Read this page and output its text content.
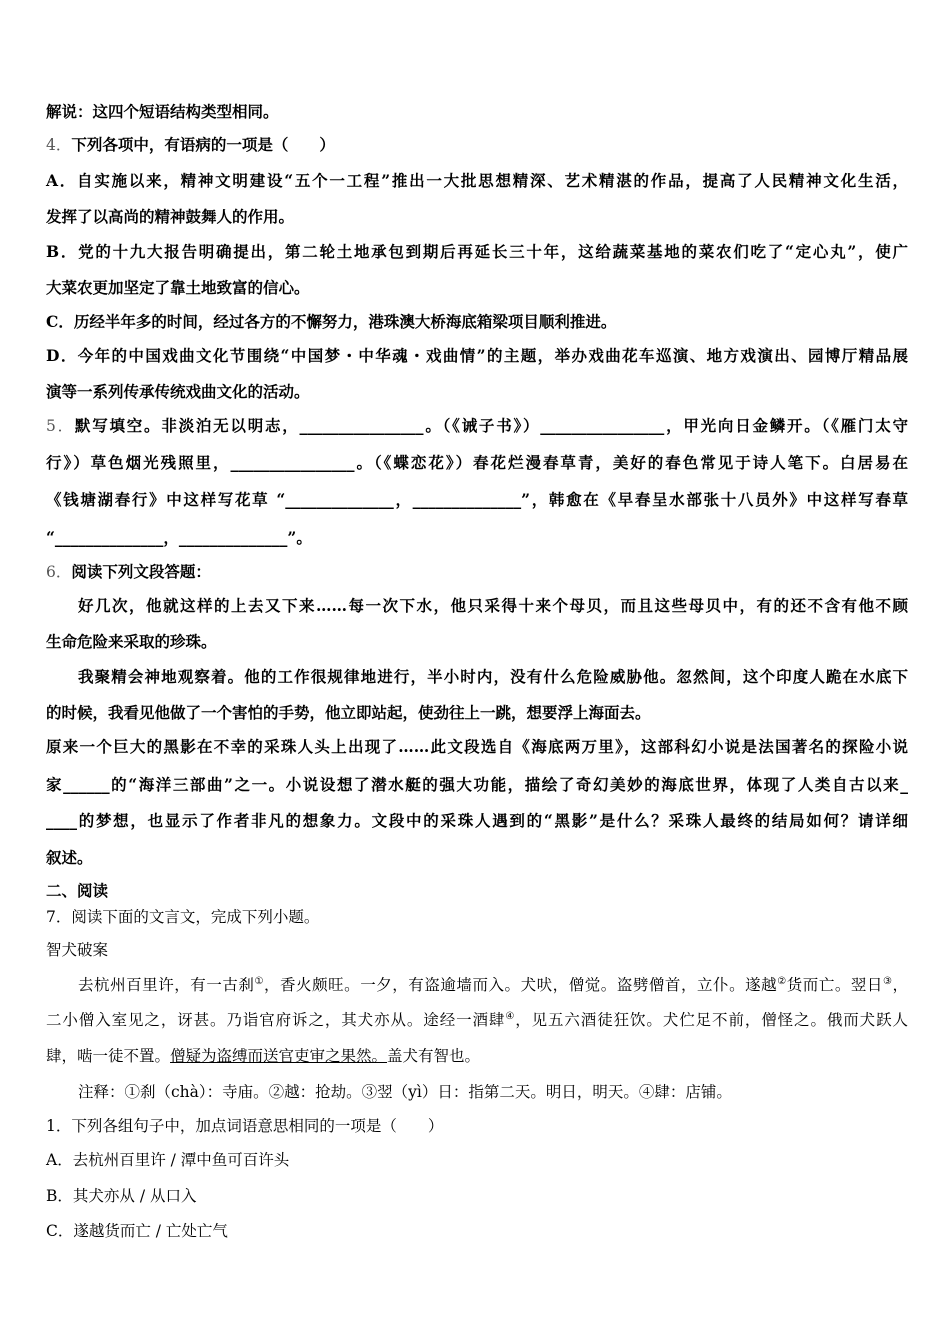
解说：这四个短语结构类型相同。
4．下列各项中，有语病的一项是（　　）
A．自实施以来，精神文明建设“五个一工程”推出一大批思想精深、艺术精湛的作品，提高了人民精神文化生活，
发挥了以高尚的精神鼓舞人的作用。
B．党的十九大报告明确提出，第二轮土地承包到期后再延长三十年，这给蔬菜基地的菜农们吃了“定心丸”，使广
大菜农更加坚定了靠土地致富的信心。
C．历经半年多的时间，经过各方的不懈努力，港珠澳大桥海底箱梁项目顺利推进。
D．今年的中国戏曲文化节围绕“中国梦・中华魂・戏曲情”的主题，举办戏曲花车巡演、地方戏演出、园博厅精品展
演等一系列传承传统戏曲文化的活动。
5．默写填空。非淡泊无以明志，________________。（《诫子书》）________________，甲光向日金鳞开。（《雁门太守
行》）草色烟光残照里，________________。（《蝶恋花》）春花烂漫春草青，美好的春色常见于诗人笔下。白居易在
《钱塘湖春行》中这样写花草 “______________，______________”，韩愈在《早春呈水部张十八员外》中这样写春草
“______________，______________”。
6．阅读下列文段答题：
好几次，他就这样的上去又下来……每一次下水，他只采得十来个母贝，而且这些母贝中，有的还不含有他不顾
生命危险来采取的珍珠。
我聚精会神地观察着。他的工作很规律地进行，半小时内，没有什么危险威胁他。忽然间，这个印度人跪在水底下
的时候，我看见他做了一个害怕的手势，他立即站起，使劲往上一跳，想要浮上海面去。
原来一个巨大的黑影在不幸的采珠人头上出现了……此文段选自《海底两万里》，这部科幻小说是法国著名的探险小说
家______的“海洋三部曲”之一。小说设想了潜水艇的强大功能，描绘了奇幻美妙的海底世界，体现了人类自古以来_
____的梦想，也显示了作者非凡的想象力。文段中的采珠人遇到的“黑影”是什么？采珠人最终的结局如何？请详细
叙述。
二、阅读
7．阅读下面的文言文，完成下列小题。
智犬破案
去杭州百里许，有一古刹①，香火颇旺。一夕，有盗逾墙而入。犬吠，僧觉。盗劈僧首，立仆。遂越②货而亡。翌日③，
二小僧入室见之，讶甚。乃诣官府诉之，其犬亦从。途经一酒肆④，见五六酒徒狂饮。犬伫足不前，僧怪之。俄而犬跃人
肆，啮一徒不置。僧疑为盗缚而送官吏审之果然。盖犬有智也。
注释：①刹（chà）：寺庙。②越：抢劫。③翌（yì）日：指第二天。明日，明天。④肆：店铺。
1．下列各组句子中，加点词语意思相同的一项是（　　）
A．去杭州百里许 / 潭中鱼可百许头
B．其犬亦从 / 从口入
C．遂越货而亡 / 亡处亡气
